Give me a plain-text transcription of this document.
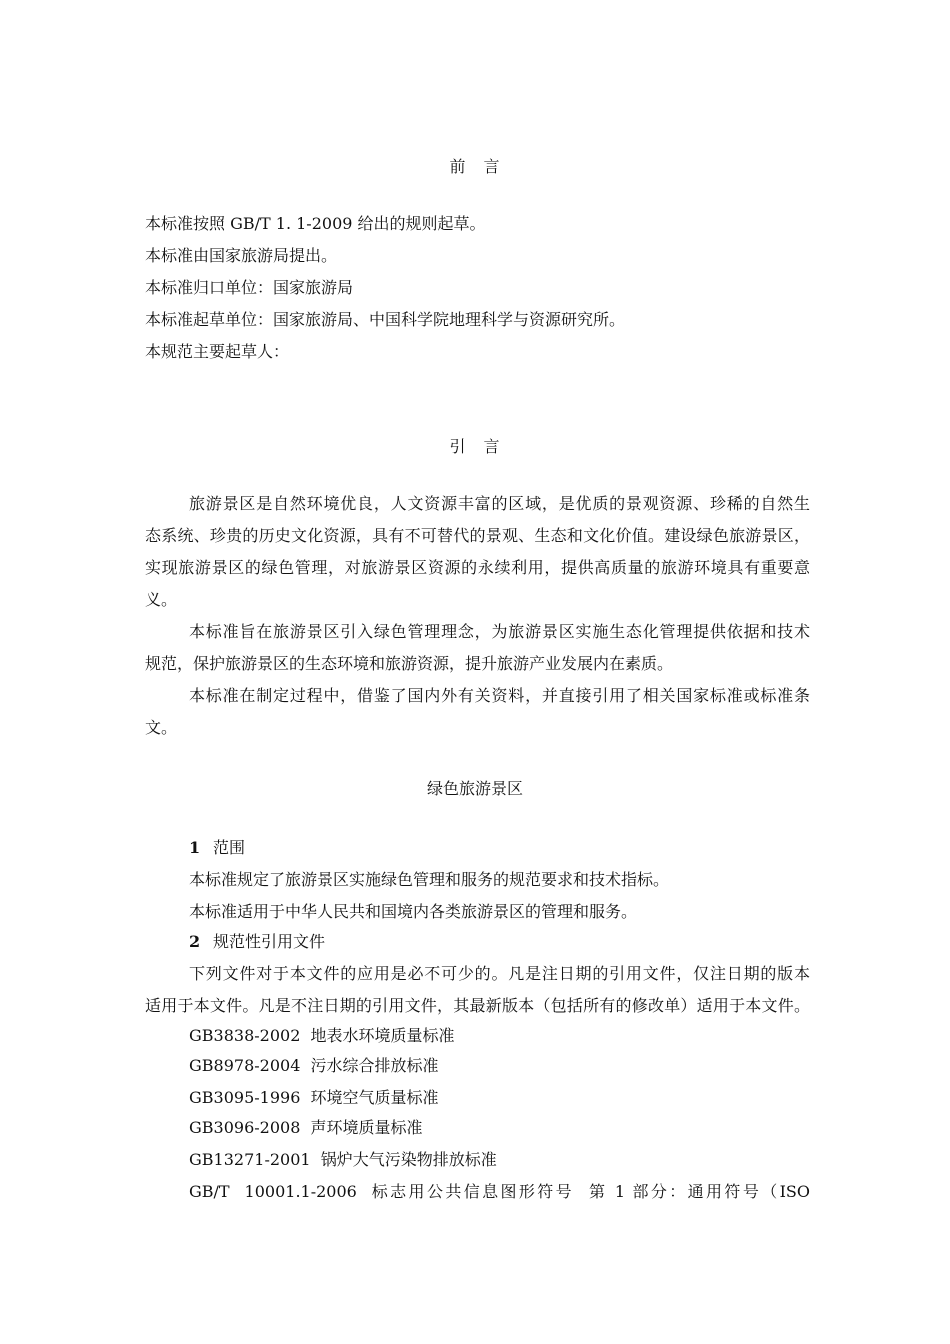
前　言
本标准按照 GB/T 1. 1-2009 给出的规则起草。
本标准由国家旅游局提出。
本标准归口单位：国家旅游局
本标准起草单位：国家旅游局、中国科学院地理科学与资源研究所。
本规范主要起草人：
引　言
旅游景区是自然环境优良，人文资源丰富的区域，是优质的景观资源、珍稀的自然生
态系统、珍贵的历史文化资源，具有不可替代的景观、生态和文化价值。建设绿色旅游景区，
实现旅游景区的绿色管理，对旅游景区资源的永续利用，提供高质量的旅游环境具有重要意
义。
本标准旨在旅游景区引入绿色管理理念，为旅游景区实施生态化管理提供依据和技术
规范，保护旅游景区的生态环境和旅游资源，提升旅游产业发展内在素质。
本标准在制定过程中，借鉴了国内外有关资料，并直接引用了相关国家标准或标准条
文。
绿色旅游景区
1 范围
本标准规定了旅游景区实施绿色管理和服务的规范要求和技术指标。
本标准适用于中华人民共和国境内各类旅游景区的管理和服务。
2 规范性引用文件
下列文件对于本文件的应用是必不可少的。凡是注日期的引用文件，仅注日期的版本
适用于本文件。凡是不注日期的引用文件，其最新版本（包括所有的修改单）适用于本文件。
GB3838-2002  地表水环境质量标准
GB8978-2004  污水综合排放标准
GB3095-1996  环境空气质量标准
GB3096-2008  声环境质量标准
GB13271-2001  锅炉大气污染物排放标准
GB/T  10001.1-2006  标志用公共信息图形符号  第 1 部分：通用符号（ISO
